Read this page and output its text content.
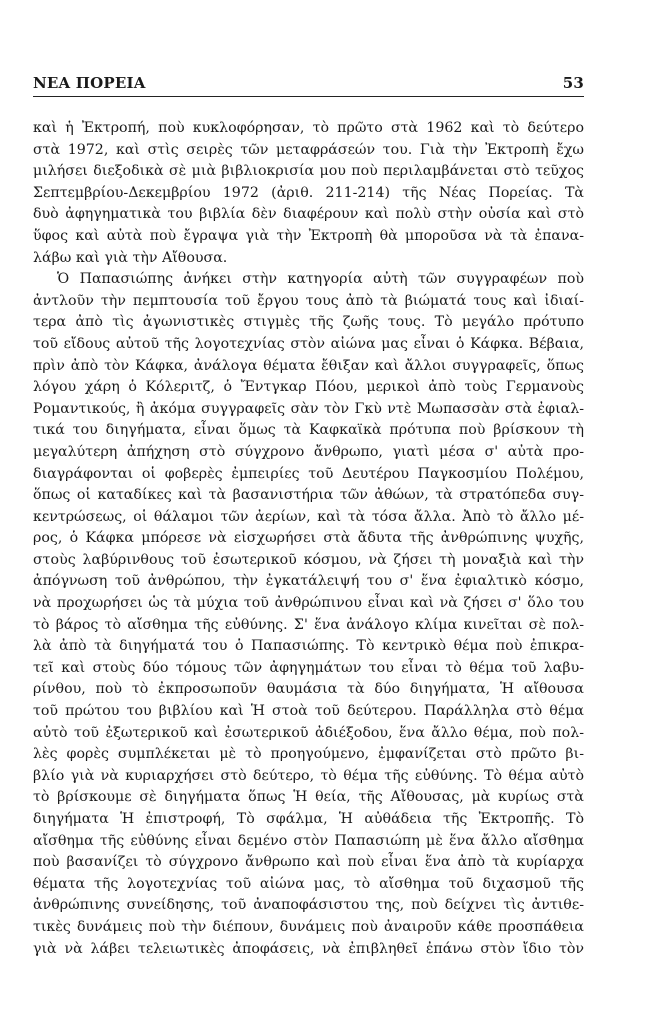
ΝΕΑ ΠΟΡΕΙΑ	53
καὶ ἡ Ἐκτροπή, ποὺ κυκλοφόρησαν, τὸ πρῶτο στὰ 1962 καὶ τὸ δεύτερο
στὰ 1972, καὶ στὶς σειρὲς τῶν μεταφράσεών του. Γιὰ τὴν Ἐκτροπὴ ἔχω
μιλήσει διεξοδικὰ σὲ μιὰ βιβλιοκρισία μου ποὺ περιλαμβάνεται στὸ τεῦχος
Σεπτεμβρίου-Δεκεμβρίου 1972 (ἀριθ. 211-214) τῆς Νέας Πορείας. Τὰ
δυὸ ἀφηγηματικὰ του βιβλία δὲν διαφέρουν καὶ πολὺ στὴν οὐσία καὶ στὸ
ὕφος καὶ αὐτὰ ποὺ ἔγραψα γιὰ τὴν Ἐκτροπὴ θὰ μποροῦσα νὰ τὰ ἐπανα-
λάβω καὶ γιὰ τὴν Αἴθουσα.
Ὁ Παπασιώπης ἀνήκει στὴν κατηγορία αὐτὴ τῶν συγγραφέων ποὺ
ἀντλοῦν τὴν πεμπτουσία τοῦ ἔργου τους ἀπὸ τὰ βιώματά τους καὶ ἰδιαί-
τερα ἀπὸ τὶς ἀγωνιστικὲς στιγμὲς τῆς ζωῆς τους. Τὸ μεγάλο πρότυπο
τοῦ εἴδους αὐτοῦ τῆς λογοτεχνίας στὸν αἰώνα μας εἶναι ὁ Κάφκα. Βέβαια,
πρὶν ἀπὸ τὸν Κάφκα, ἀνάλογα θέματα ἔθιξαν καὶ ἄλλοι συγγραφεῖς, ὅπως
λόγου χάρη ὁ Κόλεριτζ, ὁ Ἔντγκαρ Πόου, μερικοὶ ἀπὸ τοὺς Γερμανοὺς
Ρομαντικούς, ἢ ἀκόμα συγγραφεῖς σὰν τὸν Γκὺ ντὲ Μωπασσὰν στὰ ἐφιαλ-
τικά του διηγήματα, εἶναι ὅμως τὰ Καφκαϊκὰ πρότυπα ποὺ βρίσκουν τὴ
μεγαλύτερη ἀπήχηση στὸ σύγχρονο ἄνθρωπο, γιατὶ μέσα σ' αὐτὰ προ-
διαγράφονται οἱ φοβερὲς ἐμπειρίες τοῦ Δευτέρου Παγκοσμίου Πολέμου,
ὅπως οἱ καταδίκες καὶ τὰ βασανιστήρια τῶν ἀθώων, τὰ στρατόπεδα συγ-
κεντρώσεως, οἱ θάλαμοι τῶν ἀερίων, καὶ τὰ τόσα ἄλλα. Ἀπὸ τὸ ἄλλο μέ-
ρος, ὁ Κάφκα μπόρεσε νὰ εἰσχωρήσει στὰ ἄδυτα τῆς ἀνθρώπινης ψυχῆς,
στοὺς λαβύρινθους τοῦ ἐσωτερικοῦ κόσμου, νὰ ζήσει τὴ μοναξιὰ καὶ τὴν
ἀπόγνωση τοῦ ἀνθρώπου, τὴν ἐγκατάλειψή του σ' ἕνα ἐφιαλτικὸ κόσμο,
νὰ προχωρήσει ὡς τὰ μύχια τοῦ ἀνθρώπινου εἶναι καὶ νὰ ζήσει σ' ὅλο του
τὸ βάρος τὸ αἴσθημα τῆς εὐθύνης. Σ' ἕνα ἀνάλογο κλίμα κινεῖται σὲ πολ-
λὰ ἀπὸ τὰ διηγήματά του ὁ Παπασιώπης. Τὸ κεντρικὸ θέμα ποὺ ἐπικρα-
τεῖ καὶ στοὺς δύο τόμους τῶν ἀφηγημάτων του εἶναι τὸ θέμα τοῦ λαβυ-
ρίνθου, ποὺ τὸ ἐκπροσωποῦν θαυμάσια τὰ δύο διηγήματα, Ἡ αἴθουσα
τοῦ πρώτου του βιβλίου καὶ Ἡ στοὰ τοῦ δεύτερου. Παράλληλα στὸ θέμα
αὐτὸ τοῦ ἐξωτερικοῦ καὶ ἐσωτερικοῦ ἀδιέξοδου, ἕνα ἄλλο θέμα, ποὺ πολ-
λὲς φορὲς συμπλέκεται μὲ τὸ προηγούμενο, ἐμφανίζεται στὸ πρῶτο βι-
βλίο γιὰ νὰ κυριαρχήσει στὸ δεύτερο, τὸ θέμα τῆς εὐθύνης. Τὸ θέμα αὐτὸ
τὸ βρίσκουμε σὲ διηγήματα ὅπως Ἡ θεία, τῆς Αἴθουσας, μὰ κυρίως στὰ
διηγήματα Ἡ ἐπιστροφή, Τὸ σφάλμα, Ἡ αὐθάδεια τῆς Ἐκτροπῆς. Τὸ
αἴσθημα τῆς εὐθύνης εἶναι δεμένο στὸν Παπασιώπη μὲ ἕνα ἄλλο αἴσθημα
ποὺ βασανίζει τὸ σύγχρονο ἄνθρωπο καὶ ποὺ εἶναι ἕνα ἀπὸ τὰ κυρίαρχα
θέματα τῆς λογοτεχνίας τοῦ αἰώνα μας, τὸ αἴσθημα τοῦ διχασμοῦ τῆς
ἀνθρώπινης συνείδησης, τοῦ ἀναποφάσιστου της, ποὺ δείχνει τὶς ἀντιθε-
τικὲς δυνάμεις ποὺ τὴν διέπουν, δυνάμεις ποὺ ἀναιροῦν κάθε προσπάθεια
γιὰ νὰ λάβει τελειωτικὲς ἀποφάσεις, νὰ ἐπιβληθεῖ ἐπάνω στὸν ἴδιο τὸν
